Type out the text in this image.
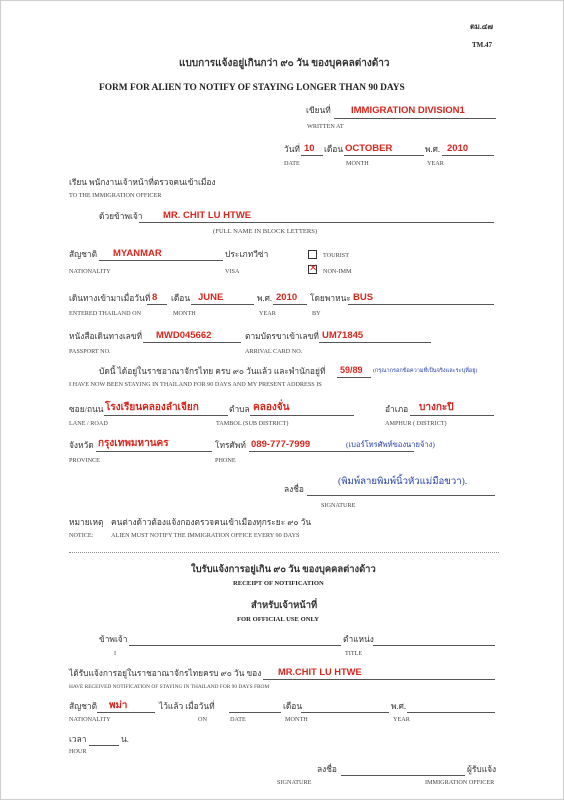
ตม.๔๗
TM.47
แบบการแจ้งอยู่เกินกว่า ๙๐ วัน ของบุคคลต่างด้าว
FORM FOR ALIEN TO NOTIFY OF STAYING LONGER THAN 90 DAYS
เขียนที่ IMMIGRATION DIVISION1
WRITTEN AT
วันที่ 10 เดือน OCTOBER	พ.ศ. 2010
DATE	MONTH	YEAR
เรียน พนักงานเจ้าหน้าที่ตรวจคนเข้าเมือง
TO THE IMMIGRATION OFFICER
ด้วยข้าพเจ้า MR. CHIT LU HTWE
(FULL NAME IN BLOCK LETTERS)
สัญชาติ MYANMAR	ประเภทวีซ่า	TOURIST
✕ NON-IMM
NATIONALITY	VISA
เดินทางเข้ามาเมื่อวันที่ 8 เดือน JUNE	พ.ศ. 2010 โดยพาหนะ BUS
ENTERED THAILAND ON	MONTH	YEAR	BY
หนังสือเดินทางเลขที่ MWD045662	ตามบัตรขาเข้าเลขที่ UM71845
PASSPORT NO.	ARRIVAL CARD NO.
บัดนี้ ได้อยู่ในราชอาณาจักรไทย ครบ ๙๐ วันแล้ว และพำนักอยู่ที่ 59/89 (กรุณากรอกข้อความที่เป็นจริงและระบุที่อยู่)
I HAVE NOW BEEN STAYING IN THAILAND FOR 90 DAYS AND MY PRESENT ADDRESS IS
ซอย/ถนน โรงเรียนคลองลำเจียก	ตำบล คลองจั่น	อำเภอ บางกะปิ
LANE / ROAD	TAMBOL (SUB DISTRICT)	AMPHUR ( DISTRICT)
จังหวัด กรุงเทพมหานคร	โทรศัพท์ 089-777-7999	(เบอร์โทรศัพท์ของนายจ้าง)
PROVINCE	PHONE
ลงชื่อ
(พิมพ์ลายพิมพ์นิ้วหัวแม่มือขวา).
SIGNATURE
หมายเหตุ คนต่างด้าวต้องแจ้งกองตรวจคนเข้าเมืองทุกระยะ ๙๐ วัน
NOTICE:	ALIEN MUST NOTIFY THE IMMIGRATION OFFICE EVERY 90 DAYS
ใบรับแจ้งการอยู่เกิน ๙๐ วัน ของบุคคลต่างด้าว
RECEIPT OF NOTIFICATION
สำหรับเจ้าหน้าที่
FOR OFFICIAL USE ONLY
ข้าพเจ้า	ตำแหน่ง
I	TITLE
ได้รับแจ้งการอยู่ในราชอาณาจักรไทยครบ ๙๐ วัน ของ MR.CHIT LU HTWE
HAVE RECEIVED NOTIFICATION OF STAYING IN THAILAND FOR 90 DAYS FROM
สัญชาติ พม่า	ไว้แล้ว เมื่อวันที่	เดือน	พ.ศ.
NATIONALITY	ON	DATE	MONTH	YEAR
เวลา	น.
HOUR
ลงชื่อ	ผู้รับแจ้ง
SIGNATURE	IMMIGRATION OFFICER
